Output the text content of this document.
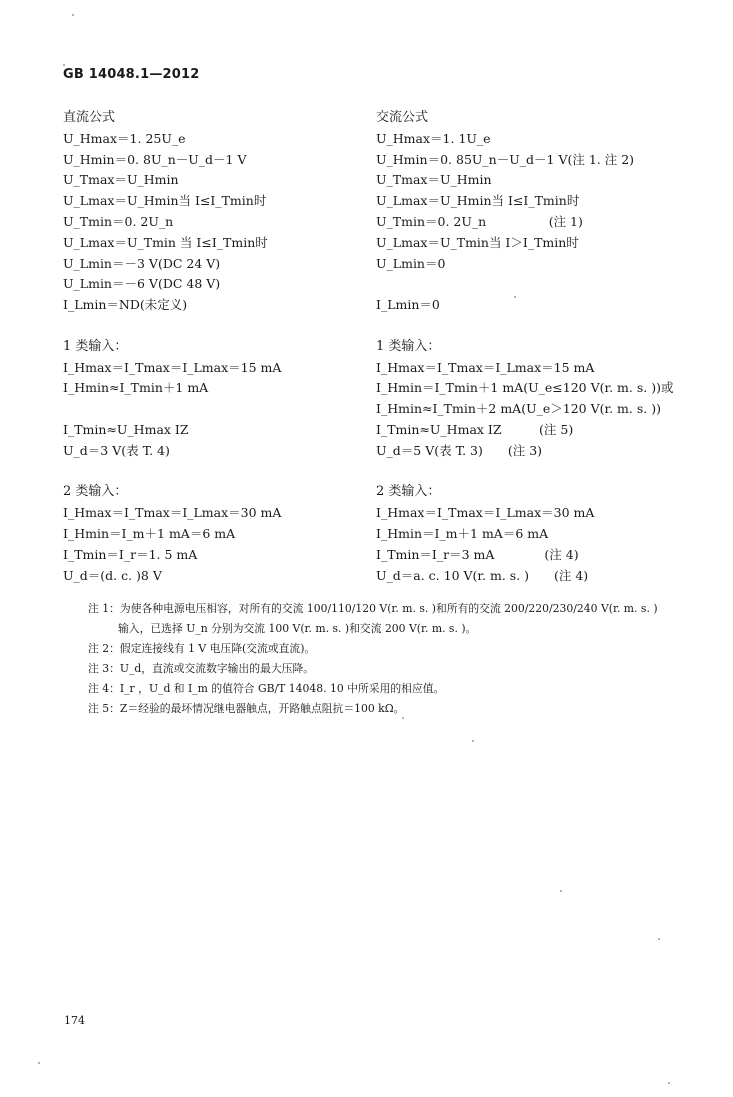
GB 14048.1—2012
直流公式
U_Hmax＝1. 25U_e
U_Hmin＝0. 8U_n－U_d－1 V
U_Tmax＝U_Hmin
U_Lmax＝U_Hmin当 I≤I_Tmin时
U_Tmin＝0. 2U_n
U_Lmax＝U_Tmin 当 I≤I_Tmin时
U_Lmin＝－3 V(DC 24 V)
U_Lmin＝－6 V(DC 48 V)
I_Lmin＝ND(未定义)
1 类输入：
I_Hmax＝I_Tmax＝I_Lmax＝15 mA
I_Hmin≈I_Tmin＋1 mA
I_Tmin≈U_Hmax IZ
U_d＝3 V(表 T. 4)
2 类输入：
I_Hmax＝I_Tmax＝I_Lmax＝30 mA
I_Hmin＝I_m＋1 mA＝6 mA
I_Tmin＝I_r＝1. 5 mA
U_d＝(d. c. )8 V
交流公式
U_Hmax＝1. 1U_e
U_Hmin＝0. 85U_n－U_d－1 V(注 1. 注 2)
U_Tmax＝U_Hmin
U_Lmax＝U_Hmin当 I≤I_Tmin时
U_Tmin＝0. 2U_n　　　　　(注 1)
U_Lmax＝U_Tmin当 I＞I_Tmin时
U_Lmin＝0
I_Lmin＝0
1 类输入：
I_Hmax＝I_Tmax＝I_Lmax＝15 mA
I_Hmin＝I_Tmin＋1 mA(U_e≤120 V(r. m. s. ))或
I_Hmin≈I_Tmin＋2 mA(U_e＞120 V(r. m. s. ))
I_Tmin≈U_Hmax IZ　　　(注 5)
U_d＝5 V(表 T. 3)　　(注 3)
2 类输入：
I_Hmax＝I_Tmax＝I_Lmax＝30 mA
I_Hmin＝I_m＋1 mA＝6 mA
I_Tmin＝I_r＝3 mA　　　　(注 4)
U_d＝a. c. 10 V(r. m. s. )　　(注 4)
注 1：为使各种电源电压相容，对所有的交流 100/110/120 V(r. m. s. )和所有的交流 200/220/230/240 V(r. m. s. )
输入，已选择 U_n 分别为交流 100 V(r. m. s. )和交流 200 V(r. m. s. )。
注 2：假定连接线有 1 V 电压降(交流或直流)。
注 3：U_d，直流或交流数字输出的最大压降。
注 4：I_r ，U_d 和 I_m 的值符合 GB/T 14048. 10 中所采用的相应值。
注 5：Z＝经验的最坏情况继电器触点，开路触点阻抗＝100 kΩ。
174
